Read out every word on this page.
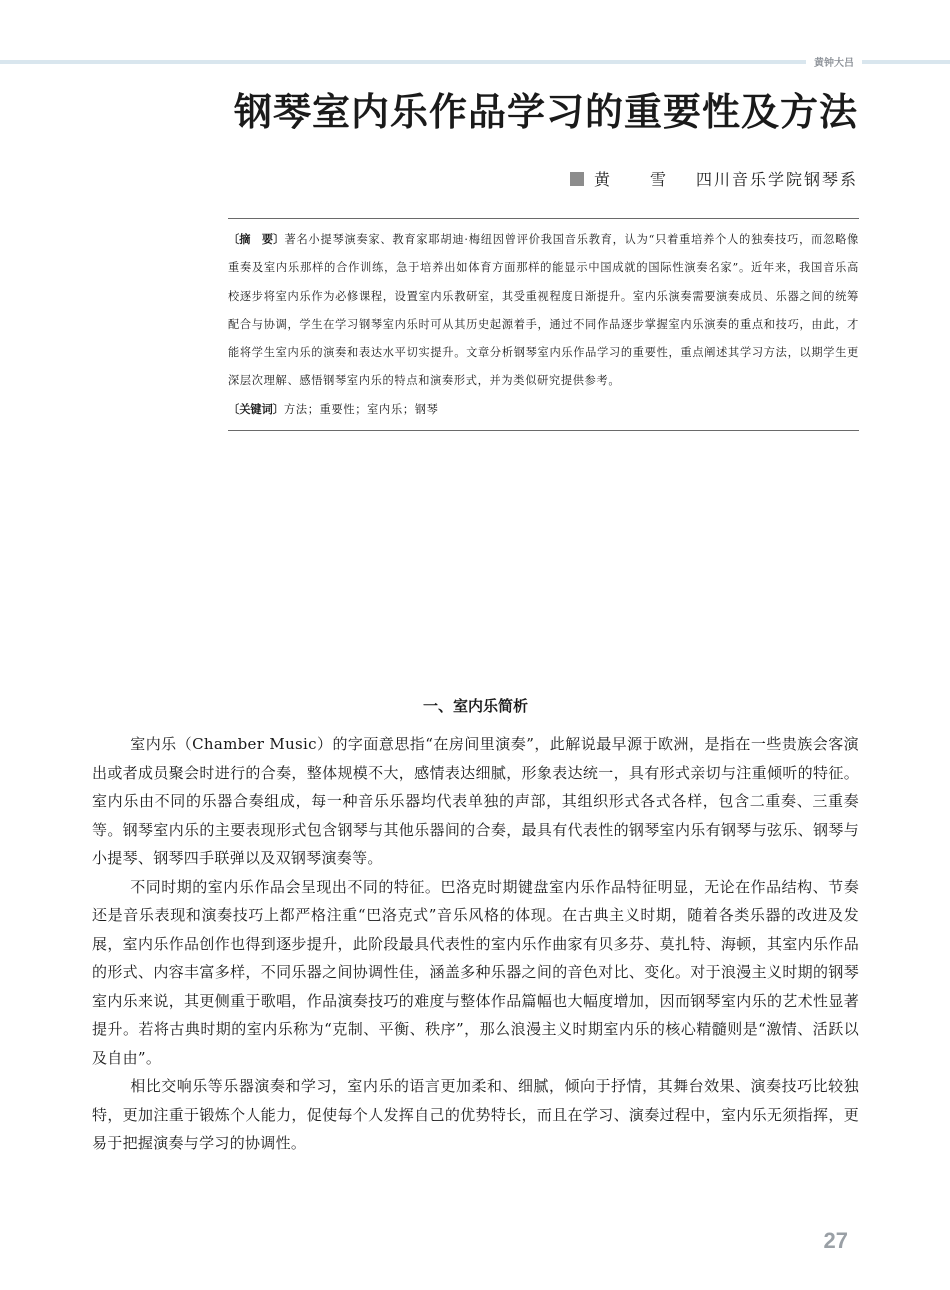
黄钟大吕
钢琴室内乐作品学习的重要性及方法
黄　雪 四川音乐学院钢琴系

〔摘　要〕著名小提琴演奏家、教育家耶胡迪·梅纽因曾评价我国音乐教育，认为“只着重培养个人的独奏技巧，而忽略像重奏及室内乐那样的合作训练，急于培养出如体育方面那样的能显示中国成就的国际性演奏名家”。近年来，我国音乐高校逐步将室内乐作为必修课程，设置室内乐教研室，其受重视程度日渐提升。室内乐演奏需要演奏成员、乐器之间的统筹配合与协调，学生在学习钢琴室内乐时可从其历史起源着手，通过不同作品逐步掌握室内乐演奏的重点和技巧，由此，才能将学生室内乐的演奏和表达水平切实提升。文章分析钢琴室内乐作品学习的重要性，重点阐述其学习方法，以期学生更深层次理解、感悟钢琴室内乐的特点和演奏形式，并为类似研究提供参考。

〔关键词〕方法；重要性；室内乐；钢琴

一、室内乐简析

室内乐（Chamber Music）的字面意思指“在房间里演奏”，此解说最早源于欧洲，是指在一些贵族会客演出或者成员聚会时进行的合奏，整体规模不大，感情表达细腻，形象表达统一，具有形式亲切与注重倾听的特征。室内乐由不同的乐器合奏组成，每一种音乐乐器均代表单独的声部，其组织形式各式各样，包含二重奏、三重奏等。钢琴室内乐的主要表现形式包含钢琴与其他乐器间的合奏，最具有代表性的钢琴室内乐有钢琴与弦乐、钢琴与小提琴、钢琴四手联弹以及双钢琴演奏等。

不同时期的室内乐作品会呈现出不同的特征。巴洛克时期键盘室内乐作品特征明显，无论在作品结构、节奏还是音乐表现和演奏技巧上都严格注重“巴洛克式”音乐风格的体现。在古典主义时期，随着各类乐器的改进及发展，室内乐作品创作也得到逐步提升，此阶段最具代表性的室内乐作曲家有贝多芬、莫扎特、海顿，其室内乐作品的形式、内容丰富多样，不同乐器之间协调性佳，涵盖多种乐器之间的音色对比、变化。对于浪漫主义时期的钢琴室内乐来说，其更侧重于歌唱，作品演奏技巧的难度与整体作品篇幅也大幅度增加，因而钢琴室内乐的艺术性显著提升。若将古典时期的室内乐称为“克制、平衡、秩序”，那么浪漫主义时期室内乐的核心精髓则是“激情、活跃以及自由”。

相比交响乐等乐器演奏和学习，室内乐的语言更加柔和、细腻，倾向于抒情，其舞台效果、演奏技巧比较独特，更加注重于锻炼个人能力，促使每个人发挥自己的优势特长，而且在学习、演奏过程中，室内乐无须指挥，更易于把握演奏与学习的协调性。

27
